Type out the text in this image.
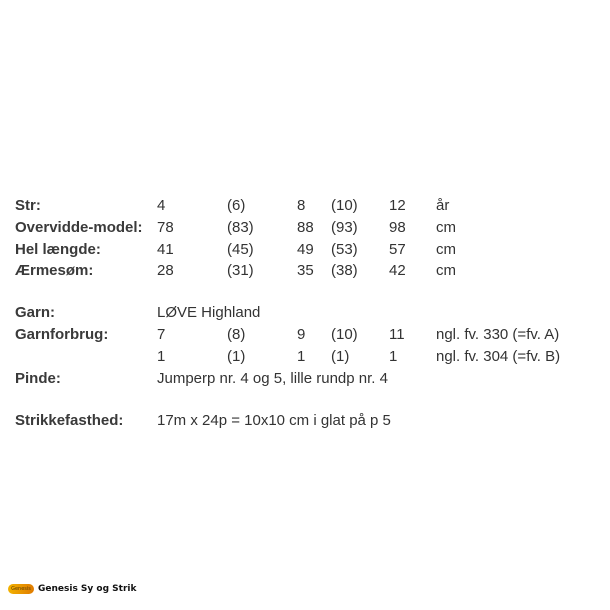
Str:	4	(6)	8 (10) 12 år
Overvidde-model: 78	(83)	88 (93) 98 cm
Hel længde:	41	(45)	49 (53) 57 cm
Ærmesøm:	28	(31)	35 (38) 42 cm
Garn:	LØVE Highland
Garnforbrug:	7	(8)	9 (10) 11 ngl. fv. 330 (=fv. A)
1	(1)	1 (1)	1	ngl. fv. 304 (=fv. B)
Pinde:	Jumperp nr. 4 og 5, lille rundp nr. 4
Strikkefasthed: 17m x 24p = 10x10 cm i glat på p 5
Genesis Genesis Sy og Strik
